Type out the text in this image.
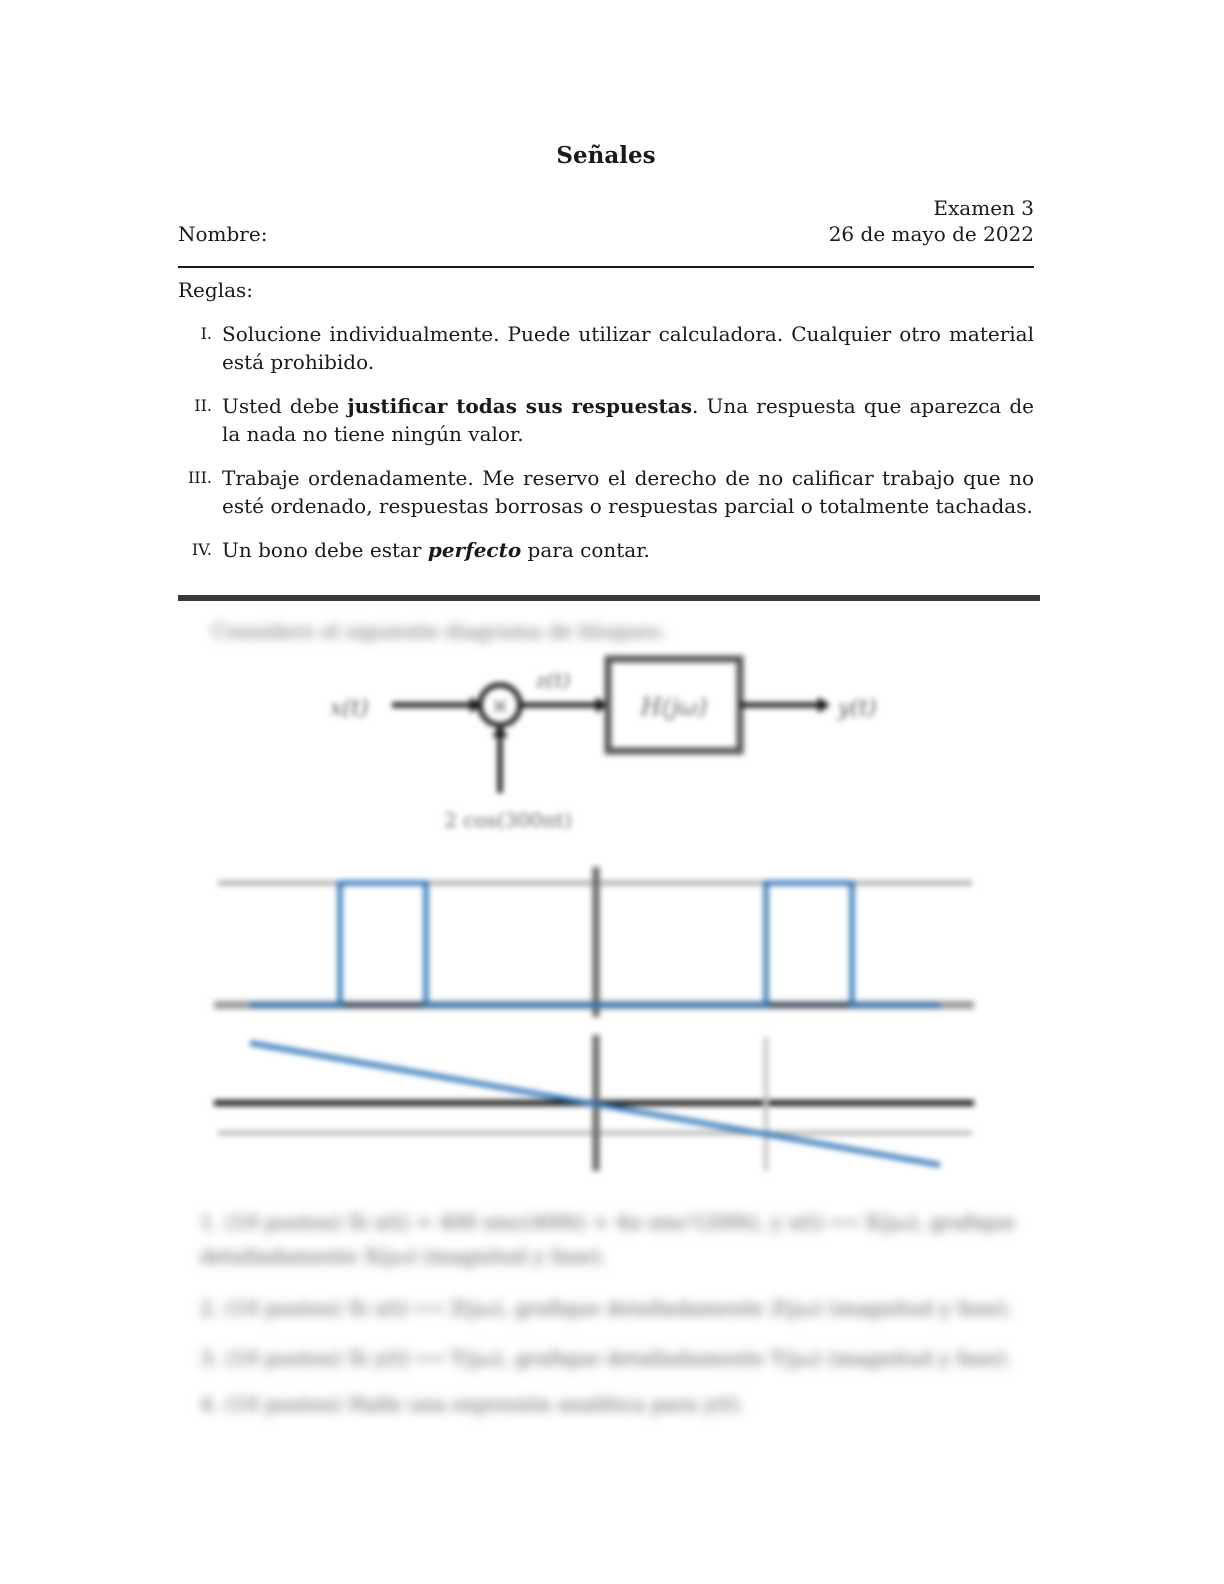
Señales
Nombre:
Examen 3
26 de mayo de 2022
Reglas:
I. Solucione individualmente. Puede utilizar calculadora. Cualquier otro material está prohibido.
II. Usted debe justificar todas sus respuestas. Una respuesta que aparezca de la nada no tiene ningún valor.
III. Trabaje ordenadamente. Me reservo el derecho de no calificar trabajo que no esté ordenado, respuestas borrosas o respuestas parcial o totalmente tachadas.
IV. Un bono debe estar perfecto para contar.
Considere el siguiente diagrama de bloques:
x(t)	×
z(t)
H(jω)	y(t)
2 cos(300πt)
1. (10 puntos) Si x(t) = 400 sinc(400t) + 4π sinc²(200t), y x(t) ⟷ X(jω), grafique detalladamente X(jω) (magnitud y fase).
2. (10 puntos) Si z(t) ⟷ Z(jω), grafique detalladamente Z(jω) (magnitud y fase).
3. (10 puntos) Si y(t) ⟷ Y(jω), grafique detalladamente Y(jω) (magnitud y fase).
4. (10 puntos) Halle una expresión analítica para y(t).
